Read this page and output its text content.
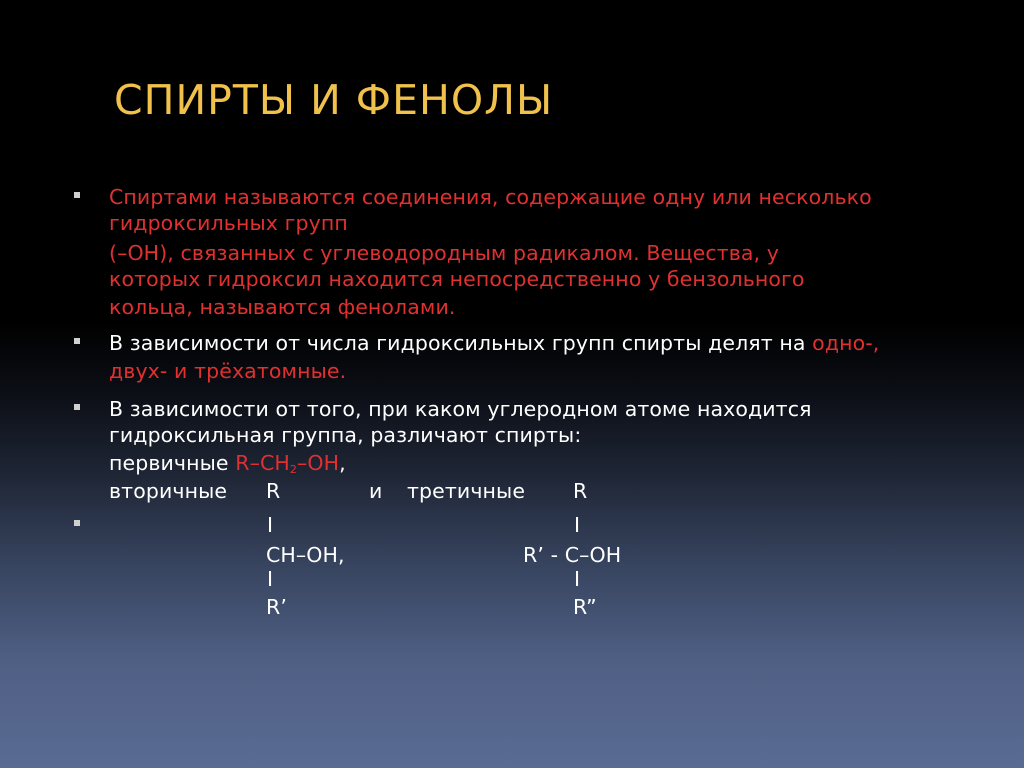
СПИРТЫ И ФЕНОЛЫ
Спиртами называются соединения, содержащие одну или несколько
гидроксильных групп
(–ОН), связанных с углеводородным радикалом. Вещества, у
которых гидроксил находится непосредственно у бензольного
кольца, называются фенолами.
В зависимости от числа гидроксильных групп спирты делят на одно-,
двух- и трёхатомные.
В зависимости от того, при каком углеродном атоме находится
гидроксильная группа, различают спирты:
первичные $R-CH_2-OH$,
вторичные R	и третичные R
I	I
CH–OH,	R’ - C–OH
I	I
R’	R”
